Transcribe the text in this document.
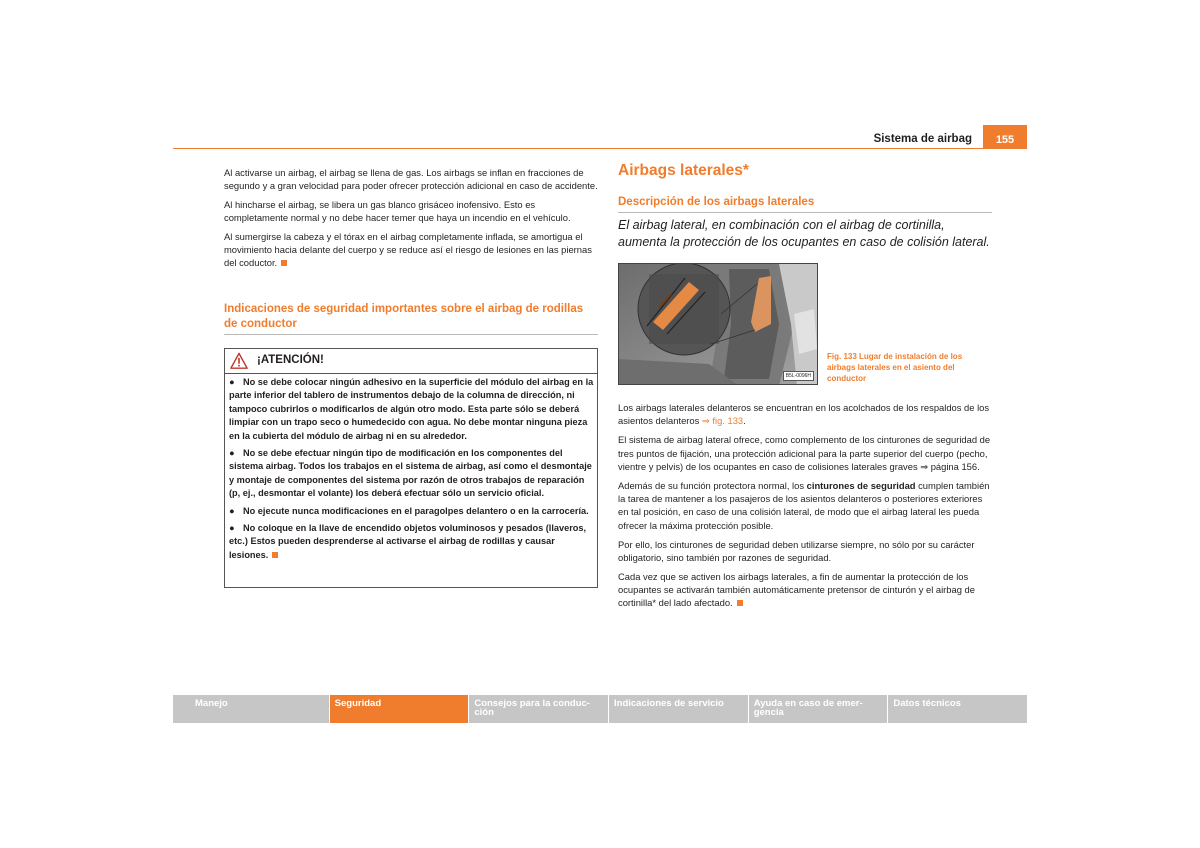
Sistema de airbag	155

Al activarse un airbag, el airbag se llena de gas. Los airbags se inflan en fracciones de segundo y a gran velocidad para poder ofrecer protección adicional en caso de accidente.

Al hincharse el airbag, se libera un gas blanco grisáceo inofensivo. Esto es completamente normal y no debe hacer temer que haya un incendio en el vehículo.

Al sumergirse la cabeza y el tórax en el airbag completamente inflada, se amortigua el movimiento hacia delante del cuerpo y se reduce así el riesgo de lesiones en las piernas del coductor.

Indicaciones de seguridad importantes sobre el airbag de rodillas de conductor
¡ATENCIÓN!

● No se debe colocar ningún adhesivo en la superficie del módulo del airbag en la parte inferior del tablero de instrumentos debajo de la columna de dirección, ni tampoco cubrirlos o modificarlos de algún otro modo. Esta parte sólo se deberá limpiar con un trapo seco o humedecido con agua. No debe montar ninguna pieza en la cubierta del módulo de airbag ni en su alrededor.

● No se debe efectuar ningún tipo de modificación en los componentes del sistema airbag. Todos los trabajos en el sistema de airbag, así como el desmontaje y montaje de componentes del sistema por razón de otros trabajos de reparación (p, ej., desmontar el volante) los deberá efectuar sólo un servicio oficial.

● No ejecute nunca modificaciones en el paragolpes delantero o en la carrocería.

● No coloque en la llave de encendido objetos voluminosos y pesados (llaveros, etc.) Estos pueden desprenderse al activarse el airbag de rodillas y causar lesiones.

Airbags laterales*
Descripción de los airbags laterales
El airbag lateral, en combinación con el airbag de cortinilla, aumenta la protección de los ocupantes en caso de colisión lateral.
B5L-0096H
Fig. 133 Lugar de instalación de los airbags laterales en el asiento del conductor

Los airbags laterales delanteros se encuentran en los acolchados de los respaldos de los asientos delanteros ⇒ fig. 133.

El sistema de airbag lateral ofrece, como complemento de los cinturones de seguridad de tres puntos de fijación, una protección adicional para la parte superior del cuerpo (pecho, vientre y pelvis) de los ocupantes en caso de colisiones laterales graves ⇒ página 156.

Además de su función protectora normal, los cinturones de seguridad cumplen también la tarea de mantener a los pasajeros de los asientos delanteros o posteriores exteriores en tal posición, en caso de una colisión lateral, de modo que el airbag lateral les pueda ofrecer la máxima protección posible.

Por ello, los cinturones de seguridad deben utilizarse siempre, no sólo por su carácter obligatorio, sino también por razones de seguridad.

Cada vez que se activen los airbags laterales, a fin de aumentar la protección de los ocupantes se activarán también automáticamente pretensor de cinturón y el airbag de cortinilla* del lado afectado.

Manejo	Seguridad	Consejos para la conduc-
ción
Indicaciones de servicio	Ayuda en caso de emer-
gencia
Datos técnicos
